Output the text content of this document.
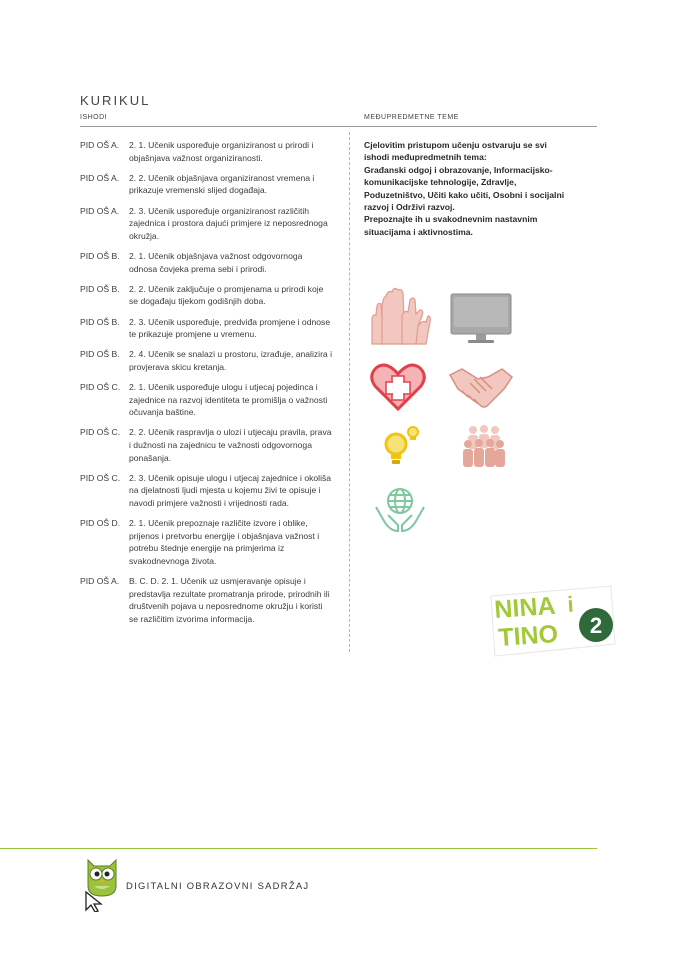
KURIKUL
ISHODI	MEĐUPREDMETNE TEME
PID OŠ A.	2. 1. Učenik uspoređuje organiziranost u prirodi i objašnjava važnost organiziranosti.
PID OŠ A.	2. 2. Učenik objašnjava organiziranost vremena i prikazuje vremenski slijed događaja.
PID OŠ A.	2. 3. Učenik uspoređuje organiziranost različitih zajednica i prostora dajući primjere iz neposrednoga okružja.
PID OŠ B.	2. 1. Učenik objašnjava važnost odgovornoga odnosa čovjeka prema sebi i prirodi.
PID OŠ B.	2. 2. Učenik zaključuje o promjenama u prirodi koje se događaju tijekom godišnjih doba.
PID OŠ B.	2. 3. Učenik uspoređuje, predviđa promjene i odnose te prikazuje promjene u vremenu.
PID OŠ B.	2. 4. Učenik se snalazi u prostoru, izrađuje, analizira i provjerava skicu kretanja.
PID OŠ C.	2. 1. Učenik uspoređuje ulogu i utjecaj pojedinca i zajednice na razvoj identiteta te promišlja o važnosti očuvanja baštine.
PID OŠ C.	2. 2. Učenik raspravlja o ulozi i utjecaju pravila, prava i dužnosti na zajednicu te važnosti odgovornoga ponašanja.
PID OŠ C.	2. 3. Učenik opisuje ulogu i utjecaj zajednice i okoliša na djelatnosti ljudi mjesta u kojemu živi te opisuje i navodi primjere važnosti i vrijednosti rada.
PID OŠ D.	2. 1. Učenik prepoznaje različite izvore i oblike, prijenos i pretvorbu energije i objašnjava važnost i potrebu štednje energije na primjerima iz svakodnevnoga života.
PID OŠ A.	B. C. D. 2. 1. Učenik uz usmjeravanje opisuje i predstavlja rezultate promatranja prirode, prirodnih ili društvenih pojava u neposrednome okružju i koristi se različitim izvorima informacija.

Cjelovitim pristupom učenju ostvaruju se svi ishodi međupredmetnih tema:

Građanski odgoj i obrazovanje, Informacijsko-komunikacijske tehnologije, Zdravlje, Poduzetništvo, Učiti kako učiti, Osobni i socijalni razvoj i Održivi razvoj.

Prepoznajte ih u svakodnevnim nastavnim situacijama i aktivnostima.

NINA i
TINO 2
DIGITALNI OBRAZOVNI SADRŽAJ
